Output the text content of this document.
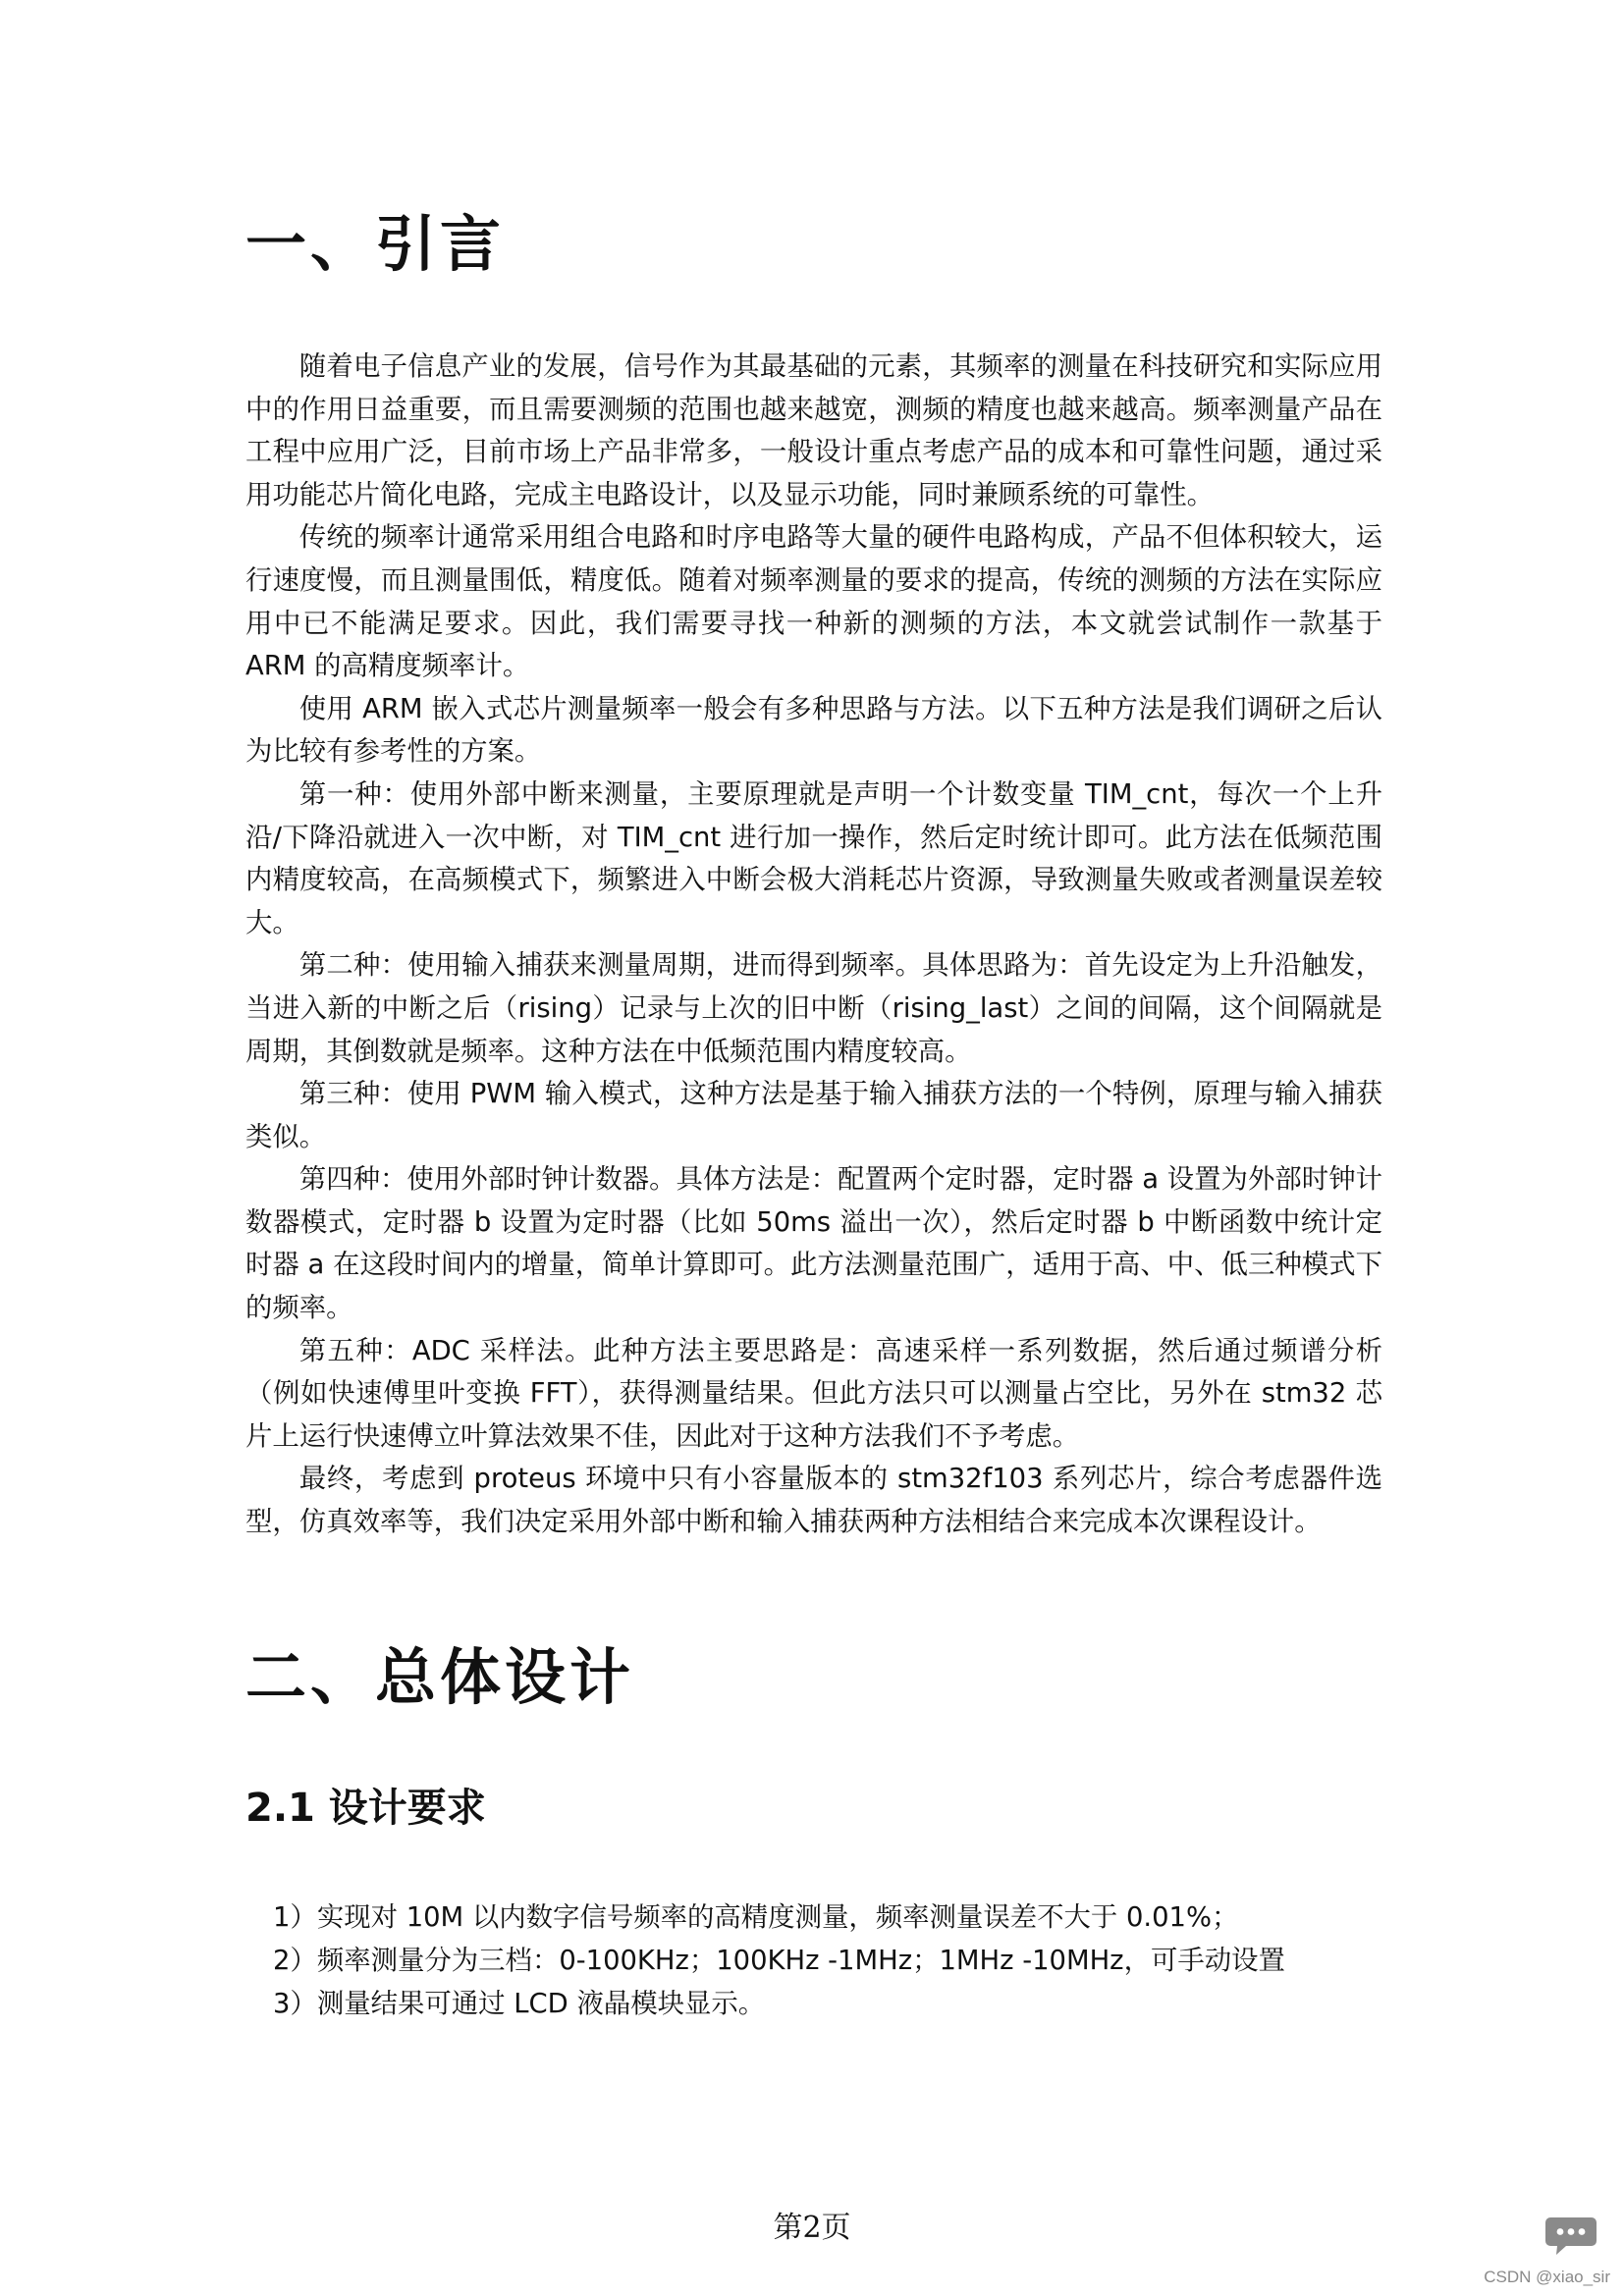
一、引言

随着电子信息产业的发展，信号作为其最基础的元素，其频率的测量在科技研究和实际应用中的作用日益重要，而且需要测频的范围也越来越宽，测频的精度也越来越高。频率测量产品在工程中应用广泛，目前市场上产品非常多，一般设计重点考虑产品的成本和可靠性问题，通过采用功能芯片简化电路，完成主电路设计，以及显示功能，同时兼顾系统的可靠性。

传统的频率计通常采用组合电路和时序电路等大量的硬件电路构成，产品不但体积较大，运行速度慢，而且测量围低，精度低。随着对频率测量的要求的提高，传统的测频的方法在实际应用中已不能满足要求。因此，我们需要寻找一种新的测频的方法，本文就尝试制作一款基于 ARM 的高精度频率计。

使用 ARM 嵌入式芯片测量频率一般会有多种思路与方法。以下五种方法是我们调研之后认为比较有参考性的方案。

第一种：使用外部中断来测量，主要原理就是声明一个计数变量 TIM_cnt，每次一个上升沿/下降沿就进入一次中断，对 TIM_cnt 进行加一操作，然后定时统计即可。此方法在低频范围内精度较高，在高频模式下，频繁进入中断会极大消耗芯片资源，导致测量失败或者测量误差较大。

第二种：使用输入捕获来测量周期，进而得到频率。具体思路为：首先设定为上升沿触发，当进入新的中断之后（rising）记录与上次的旧中断（rising_last）之间的间隔，这个间隔就是周期，其倒数就是频率。这种方法在中低频范围内精度较高。

第三种：使用 PWM 输入模式，这种方法是基于输入捕获方法的一个特例，原理与输入捕获类似。

第四种：使用外部时钟计数器。具体方法是：配置两个定时器，定时器 a 设置为外部时钟计数器模式，定时器 b 设置为定时器（比如 50ms 溢出一次），然后定时器 b 中断函数中统计定时器 a 在这段时间内的增量，简单计算即可。此方法测量范围广，适用于高、中、低三种模式下的频率。

第五种：ADC 采样法。此种方法主要思路是：高速采样一系列数据，然后通过频谱分析（例如快速傅里叶变换 FFT），获得测量结果。但此方法只可以测量占空比，另外在 stm32 芯片上运行快速傅立叶算法效果不佳，因此对于这种方法我们不予考虑。

最终，考虑到 proteus 环境中只有小容量版本的 stm32f103 系列芯片，综合考虑器件选型，仿真效率等，我们决定采用外部中断和输入捕获两种方法相结合来完成本次课程设计。

二、总体设计
2.1 设计要求
1）实现对 10M 以内数字信号频率的高精度测量，频率测量误差不大于 0.01%；
2）频率测量分为三档：0-100KHz；100KHz -1MHz；1MHz -10MHz，可手动设置
3）测量结果可通过 LCD 液晶模块显示。
第2页
CSDN @xiao_sir
